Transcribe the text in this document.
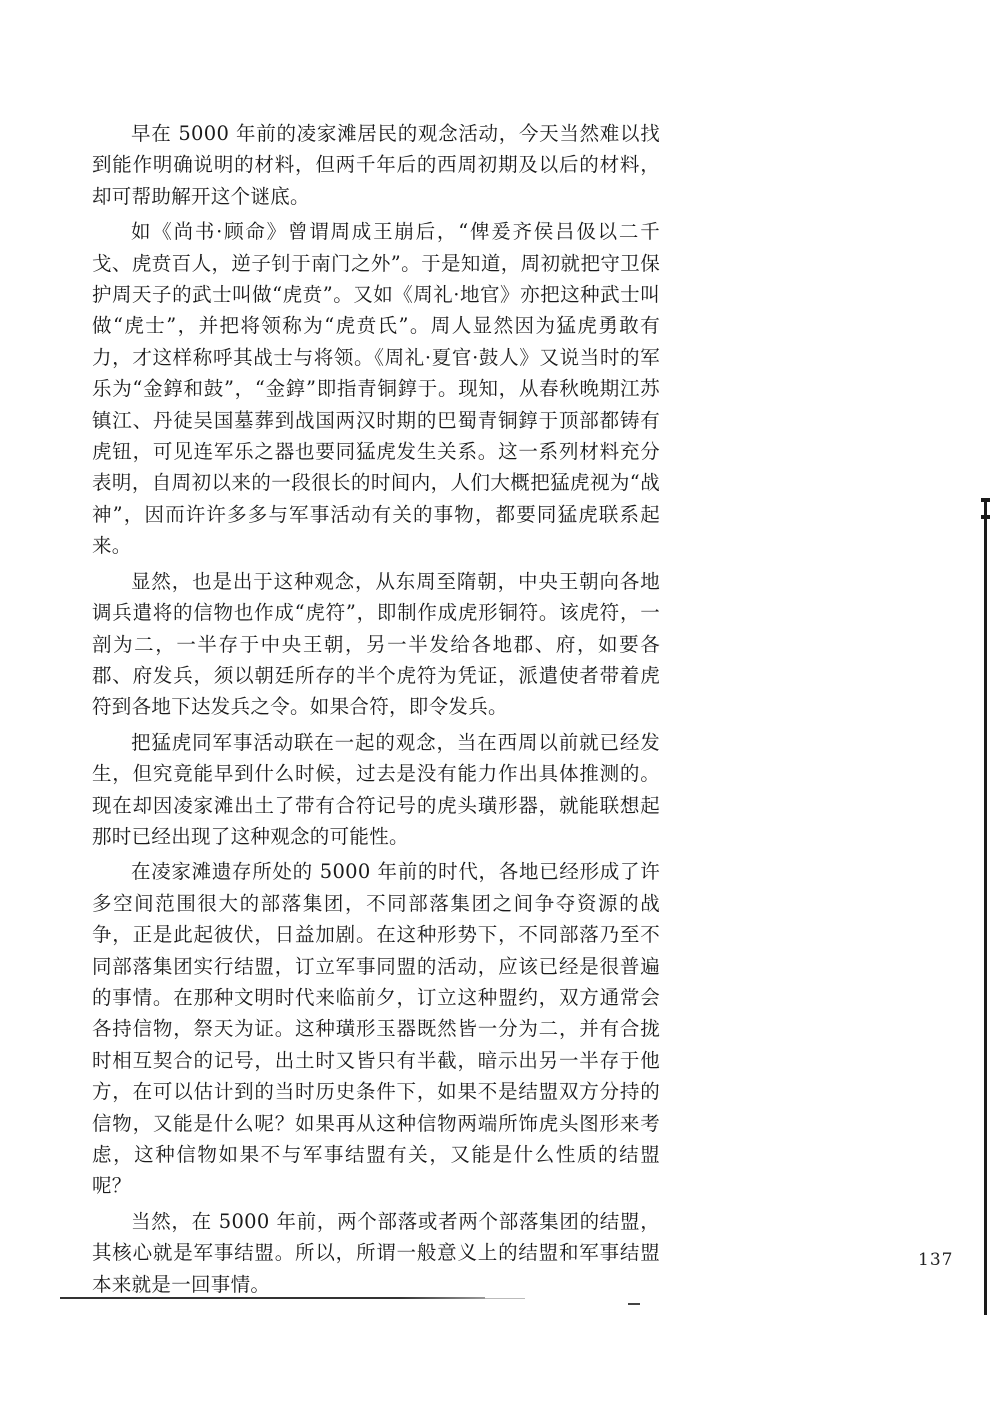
早在 5000 年前的凌家滩居民的观念活动，今天当然难以找到能作明确说明的材料，但两千年后的西周初期及以后的材料，却可帮助解开这个谜底。

如《尚书·顾命》曾谓周成王崩后，“俾爰齐侯吕伋以二千戈、虎贲百人，逆子钊于南门之外”。于是知道，周初就把守卫保护周天子的武士叫做“虎贲”。又如《周礼·地官》亦把这种武士叫做“虎士”，并把将领称为“虎贲氏”。周人显然因为猛虎勇敢有力，才这样称呼其战士与将领。《周礼·夏官·鼓人》又说当时的军乐为“金錞和鼓”，“金錞”即指青铜錞于。现知，从春秋晚期江苏镇江、丹徒吴国墓葬到战国两汉时期的巴蜀青铜錞于顶部都铸有虎钮，可见连军乐之器也要同猛虎发生关系。这一系列材料充分表明，自周初以来的一段很长的时间内，人们大概把猛虎视为“战神”，因而许许多多与军事活动有关的事物，都要同猛虎联系起来。

显然，也是出于这种观念，从东周至隋朝，中央王朝向各地调兵遣将的信物也作成“虎符”，即制作成虎形铜符。该虎符，一剖为二，一半存于中央王朝，另一半发给各地郡、府，如要各郡、府发兵，须以朝廷所存的半个虎符为凭证，派遣使者带着虎符到各地下达发兵之令。如果合符，即令发兵。

把猛虎同军事活动联在一起的观念，当在西周以前就已经发生，但究竟能早到什么时候，过去是没有能力作出具体推测的。现在却因凌家滩出土了带有合符记号的虎头璜形器，就能联想起那时已经出现了这种观念的可能性。

在凌家滩遗存所处的 5000 年前的时代，各地已经形成了许多空间范围很大的部落集团，不同部落集团之间争夺资源的战争，正是此起彼伏，日益加剧。在这种形势下，不同部落乃至不同部落集团实行结盟，订立军事同盟的活动，应该已经是很普遍的事情。在那种文明时代来临前夕，订立这种盟约，双方通常会各持信物，祭天为证。这种璜形玉器既然皆一分为二，并有合拢时相互契合的记号，出土时又皆只有半截，暗示出另一半存于他方，在可以估计到的当时历史条件下，如果不是结盟双方分持的信物，又能是什么呢？如果再从这种信物两端所饰虎头图形来考虑，这种信物如果不与军事结盟有关，又能是什么性质的结盟呢？

当然，在 5000 年前，两个部落或者两个部落集团的结盟，其核心就是军事结盟。所以，所谓一般意义上的结盟和军事结盟本来就是一回事情。

137
